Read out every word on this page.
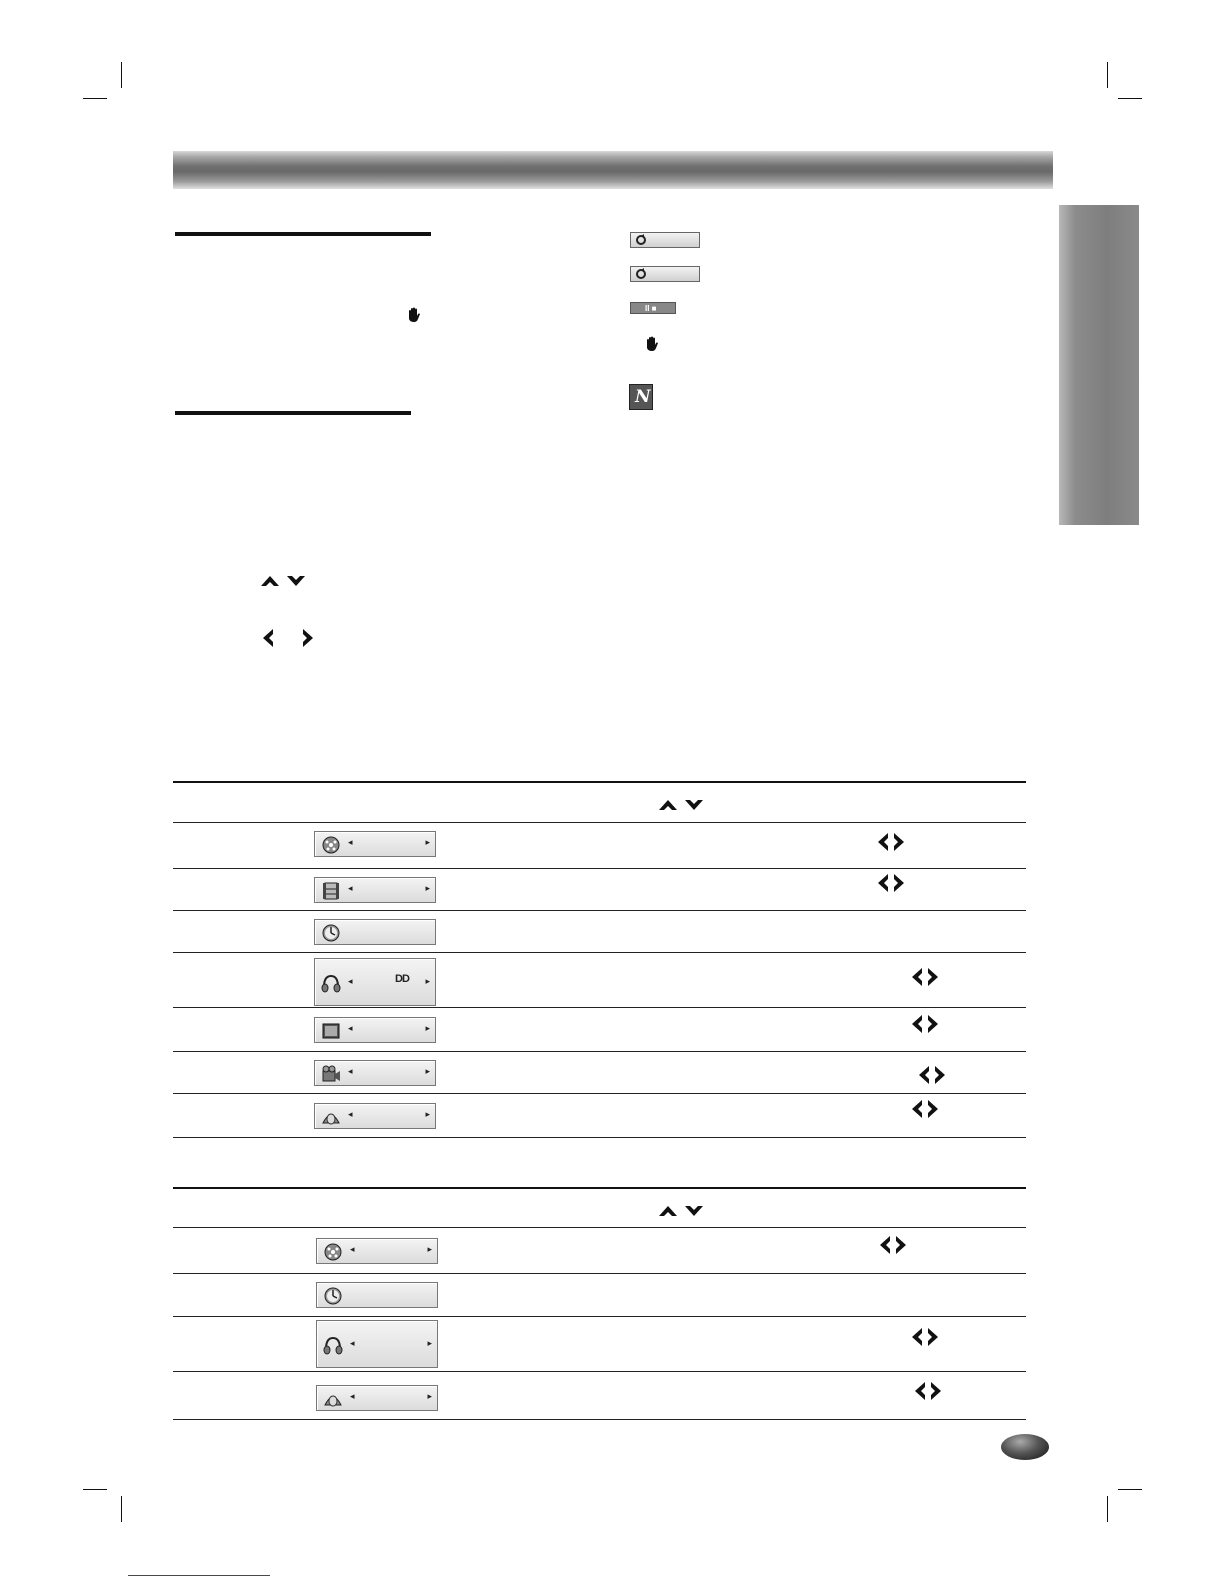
II ■
N
◂	▸
◂	▸
◂	DD ▸
◂	▸
◂	▸
◂	▸
◂	▸
◂	▸
◂	▸
